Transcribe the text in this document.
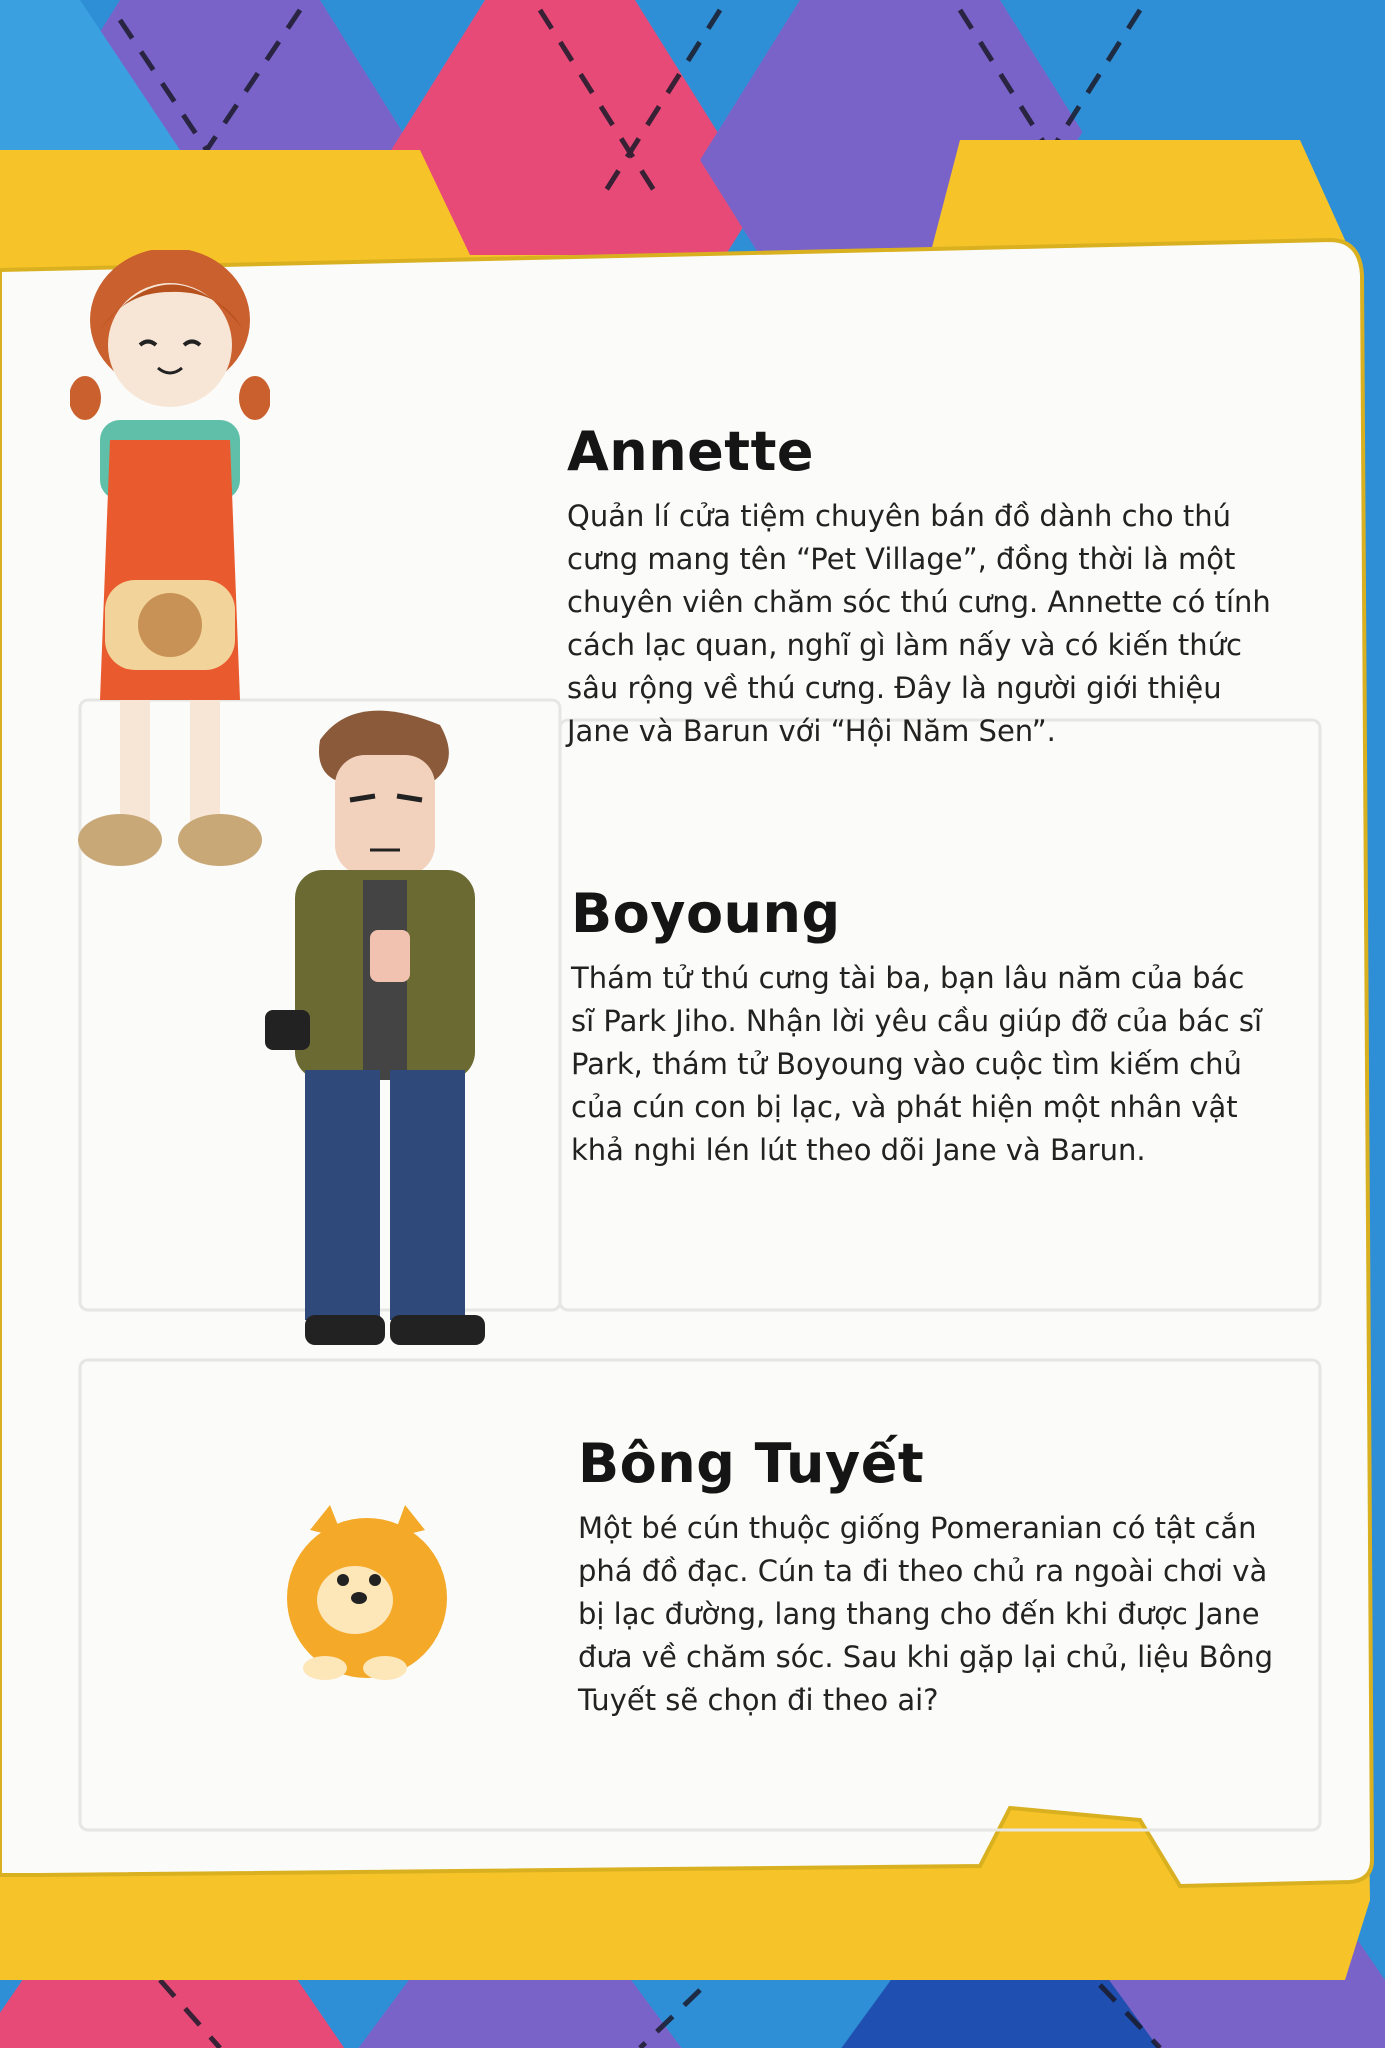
Annette

Quản lí cửa tiệm chuyên bán đồ dành cho thú
cưng mang tên “Pet Village”, đồng thời là một
chuyên viên chăm sóc thú cưng. Annette có tính
cách lạc quan, nghĩ gì làm nấy và có kiến thức
sâu rộng về thú cưng. Đây là người giới thiệu
Jane và Barun với “Hội Năm Sen”.

Boyoung

Thám tử thú cưng tài ba, bạn lâu năm của bác
sĩ Park Jiho. Nhận lời yêu cầu giúp đỡ của bác sĩ
Park, thám tử Boyoung vào cuộc tìm kiếm chủ
của cún con bị lạc, và phát hiện một nhân vật
khả nghi lén lút theo dõi Jane và Barun.

Bông Tuyết

Một bé cún thuộc giống Pomeranian có tật cắn
phá đồ đạc. Cún ta đi theo chủ ra ngoài chơi và
bị lạc đường, lang thang cho đến khi được Jane
đưa về chăm sóc. Sau khi gặp lại chủ, liệu Bông
Tuyết sẽ chọn đi theo ai?
